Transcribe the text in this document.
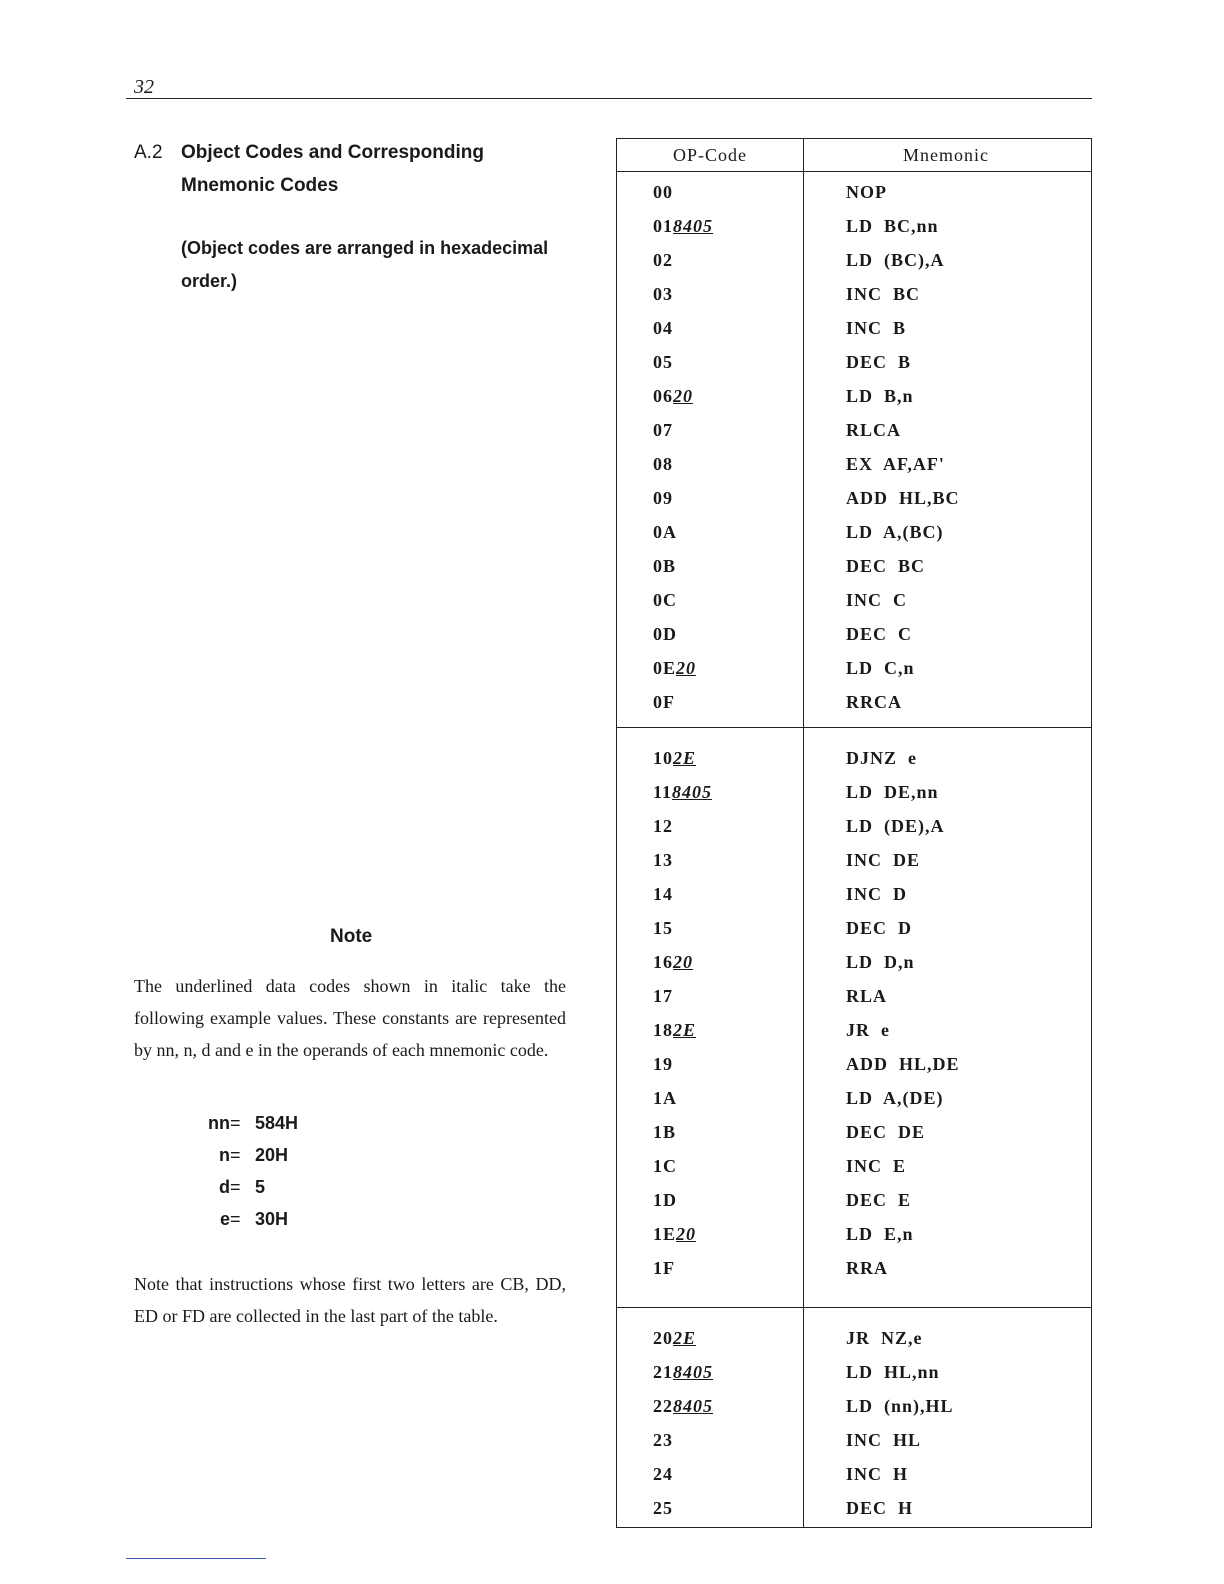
32
A.2 Object Codes and Corresponding Mnemonic Codes
(Object codes are arranged in hexadecimal order.)
Note
The underlined data codes shown in italic take the following example values. These constants are represented by nn, n, d and e in the operands of each mnemonic code.
nn = 584H
n = 20H
d = 5
e = 30H
Note that instructions whose first two letters are CB, DD, ED or FD are collected in the last part of the table.
OP-Code	Mnemonic
00	NOP
018405	LD  BC,nn
02	LD  (BC),A
03	INC  BC
04	INC  B
05	DEC  B
0620	LD  B,n
07	RLCA
08	EX  AF,AF'
09	ADD  HL,BC
0A	LD  A,(BC)
0B	DEC  BC
0C	INC  C
0D	DEC  C
0E20	LD  C,n
0F	RRCA
102E	DJNZ  e
118405	LD  DE,nn
12	LD  (DE),A
13	INC  DE
14	INC  D
15	DEC  D
1620	LD  D,n
17	RLA
182E	JR  e
19	ADD  HL,DE
1A	LD  A,(DE)
1B	DEC  DE
1C	INC  E
1D	DEC  E
1E20	LD  E,n
1F	RRA
202E	JR  NZ,e
218405	LD  HL,nn
228405	LD  (nn),HL
23	INC  HL
24	INC  H
25	DEC  H
